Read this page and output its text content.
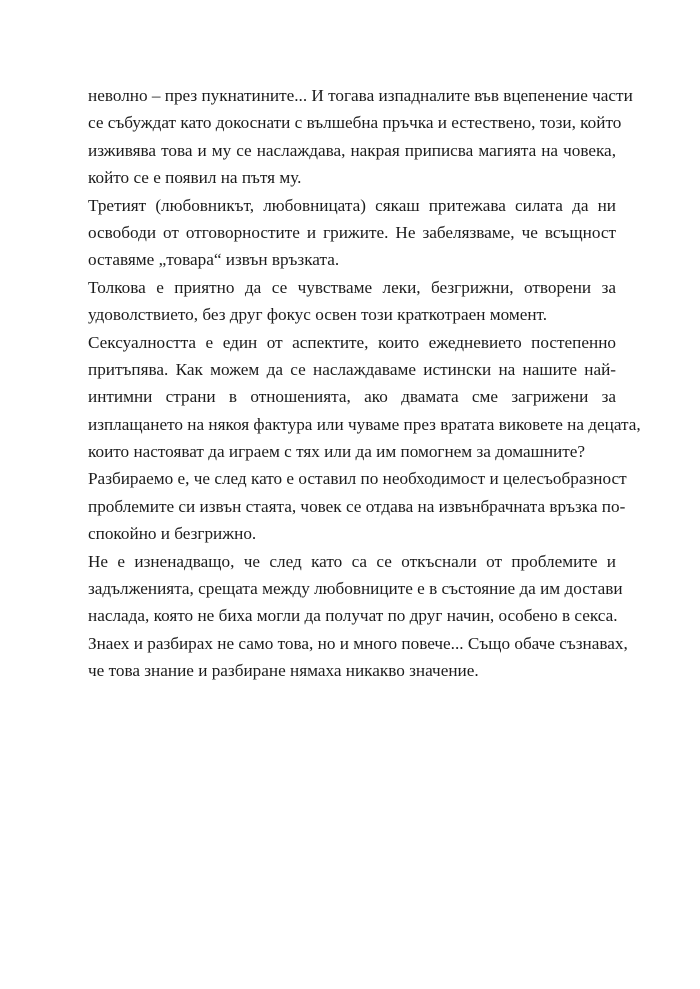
неволно – през пукнатините... И тогава изпадналите във вцепенение части
се събуждат като докоснати с вълшебна пръчка и естествено, този, който
изживява това и му се наслаждава, накрая приписва магията на човека,
който се е появил на пътя му.

Третият (любовникът, любовницата) сякаш притежава силата да ни
освободи от отговорностите и грижите. Не забелязваме, че всъщност
оставяме „товара“ извън връзката.

Толкова е приятно да се чувстваме леки, безгрижни, отворени за
удоволствието, без друг фокус освен този краткотраен момент.

Сексуалността е един от аспектите, които ежедневието постепенно
притъпява. Как можем да се наслаждаваме истински на нашите най-
интимни страни в отношенията, ако двамата сме загрижени за
изплащането на някоя фактура или чуваме през вратата виковете на децата,
които настояват да играем с тях или да им помогнем за домашните?

Разбираемо е, че след като е оставил по необходимост и целесъобразност
проблемите си извън стаята, човек се отдава на извънбрачната връзка по-
спокойно и безгрижно.

Не е изненадващо, че след като са се откъснали от проблемите и
задълженията, срещата между любовниците е в състояние да им достави
наслада, която не биха могли да получат по друг начин, особено в секса.

Знаех и разбирах не само това, но и много повече... Също обаче съзнавах,
че това знание и разбиране нямаха никакво значение.
